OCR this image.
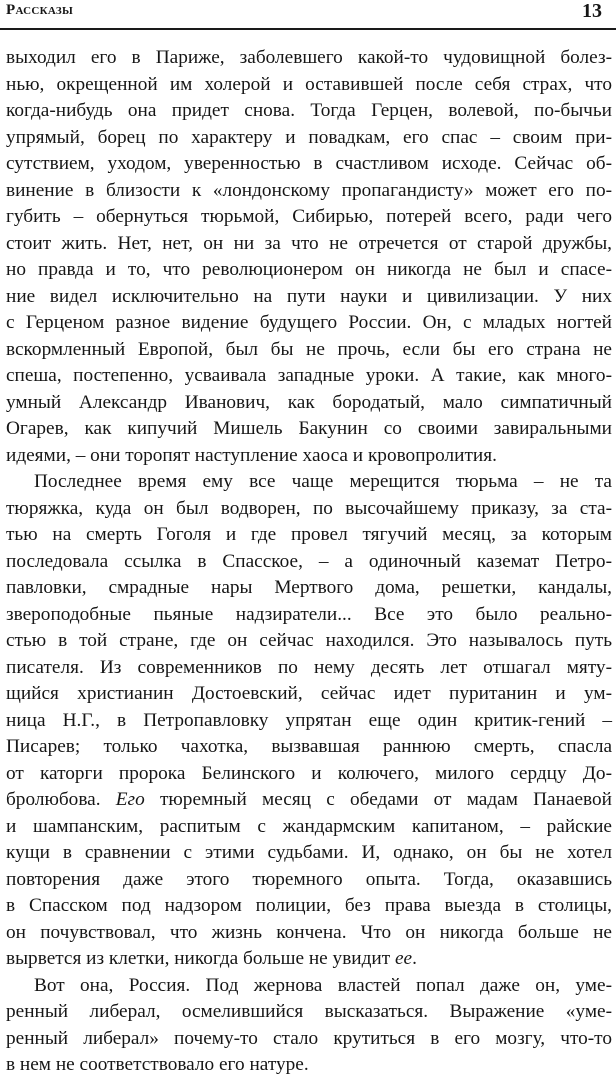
Рассказы	13
выходил его в Париже, заболевшего какой-то чудовищной болез-
нью, окрещенной им холерой и оставившей после себя страх, что
когда-нибудь она придет снова. Тогда Герцен, волевой, по-бычьи
упрямый, борец по характеру и повадкам, его спас – своим при-
сутствием, уходом, уверенностью в счастливом исходе. Сейчас об-
винение в близости к «лондонскому пропагандисту» может его по-
губить – обернуться тюрьмой, Сибирью, потерей всего, ради чего
стоит жить. Нет, нет, он ни за что не отречется от старой дружбы,
но правда и то, что революционером он никогда не был и спасе-
ние видел исключительно на пути науки и цивилизации. У них
с Герценом разное видение будущего России. Он, с младых ногтей
вскормленный Европой, был бы не прочь, если бы его страна не
спеша, постепенно, усваивала западные уроки. А такие, как много-
умный Александр Иванович, как бородатый, мало симпатичный
Огарев, как кипучий Мишель Бакунин со своими завиральными
идеями, – они торопят наступление хаоса и кровопролития.
Последнее время ему все чаще мерещится тюрьма – не та
тюряжка, куда он был водворен, по высочайшему приказу, за ста-
тью на смерть Гоголя и где провел тягучий месяц, за которым
последовала ссылка в Спасское, – а одиночный каземат Петро-
павловки, смрадные нары Мертвого дома, решетки, кандалы,
звероподобные пьяные надзиратели... Все это было реально-
стью в той стране, где он сейчас находился. Это называлось путь
писателя. Из современников по нему десять лет отшагал мяту-
щийся христианин Достоевский, сейчас идет пуританин и ум-
ница Н.Г., в Петропавловку упрятан еще один критик-гений –
Писарев; только чахотка, вызвавшая раннюю смерть, спасла
от каторги пророка Белинского и колючего, милого сердцу До-
бролюбова. Его тюремный месяц с обедами от мадам Панаевой
и шампанским, распитым с жандармским капитаном, – райские
кущи в сравнении с этими судьбами. И, однако, он бы не хотел
повторения даже этого тюремного опыта. Тогда, оказавшись
в Спасском под надзором полиции, без права выезда в столицы,
он почувствовал, что жизнь кончена. Что он никогда больше не
вырвется из клетки, никогда больше не увидит ее.
Вот она, Россия. Под жернова властей попал даже он, уме-
ренный либерал, осмелившийся высказаться. Выражение «уме-
ренный либерал» почему-то стало крутиться в его мозгу, что-то
в нем не соответствовало его натуре.
